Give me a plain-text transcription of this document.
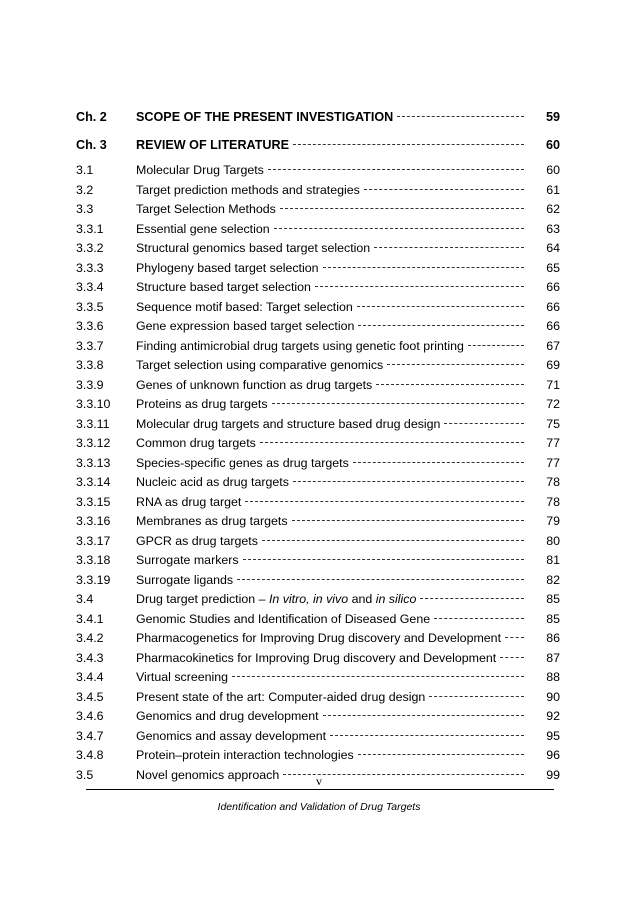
Ch. 2	SCOPE OF THE PRESENT INVESTIGATION	59
Ch. 3	REVIEW OF LITERATURE	60
3.1	Molecular Drug Targets	60
3.2	Target prediction methods and strategies	61
3.3	Target Selection Methods	62
3.3.1	Essential gene selection	63
3.3.2	Structural genomics based target selection	64
3.3.3	Phylogeny based target selection	65
3.3.4	Structure based target selection	66
3.3.5	Sequence motif based: Target selection	66
3.3.6	Gene expression based target selection	66
3.3.7	Finding antimicrobial drug targets using genetic foot printing	67
3.3.8	Target selection using comparative genomics	69
3.3.9	Genes of unknown function as drug targets	71
3.3.10	Proteins as drug targets	72
3.3.11	Molecular drug targets and structure based drug design	75
3.3.12	Common drug targets	77
3.3.13	Species-specific genes as drug targets	77
3.3.14	Nucleic acid as drug targets	78
3.3.15	RNA as drug target	78
3.3.16	Membranes as drug targets	79
3.3.17	GPCR as drug targets	80
3.3.18	Surrogate markers	81
3.3.19	Surrogate ligands	82
3.4	Drug target prediction – In vitro, in vivo and in silico	85
3.4.1	Genomic Studies and Identification of Diseased Gene	85
3.4.2	Pharmacogenetics for Improving Drug discovery and Development	86
3.4.3	Pharmacokinetics for Improving Drug discovery and Development	87
3.4.4	Virtual screening	88
3.4.5	Present state of the art: Computer-aided drug design	90
3.4.6	Genomics and drug development	92
3.4.7	Genomics and assay development	95
3.4.8	Protein–protein interaction technologies	96
3.5	Novel genomics approach	99
v
Identification and Validation of Drug Targets
